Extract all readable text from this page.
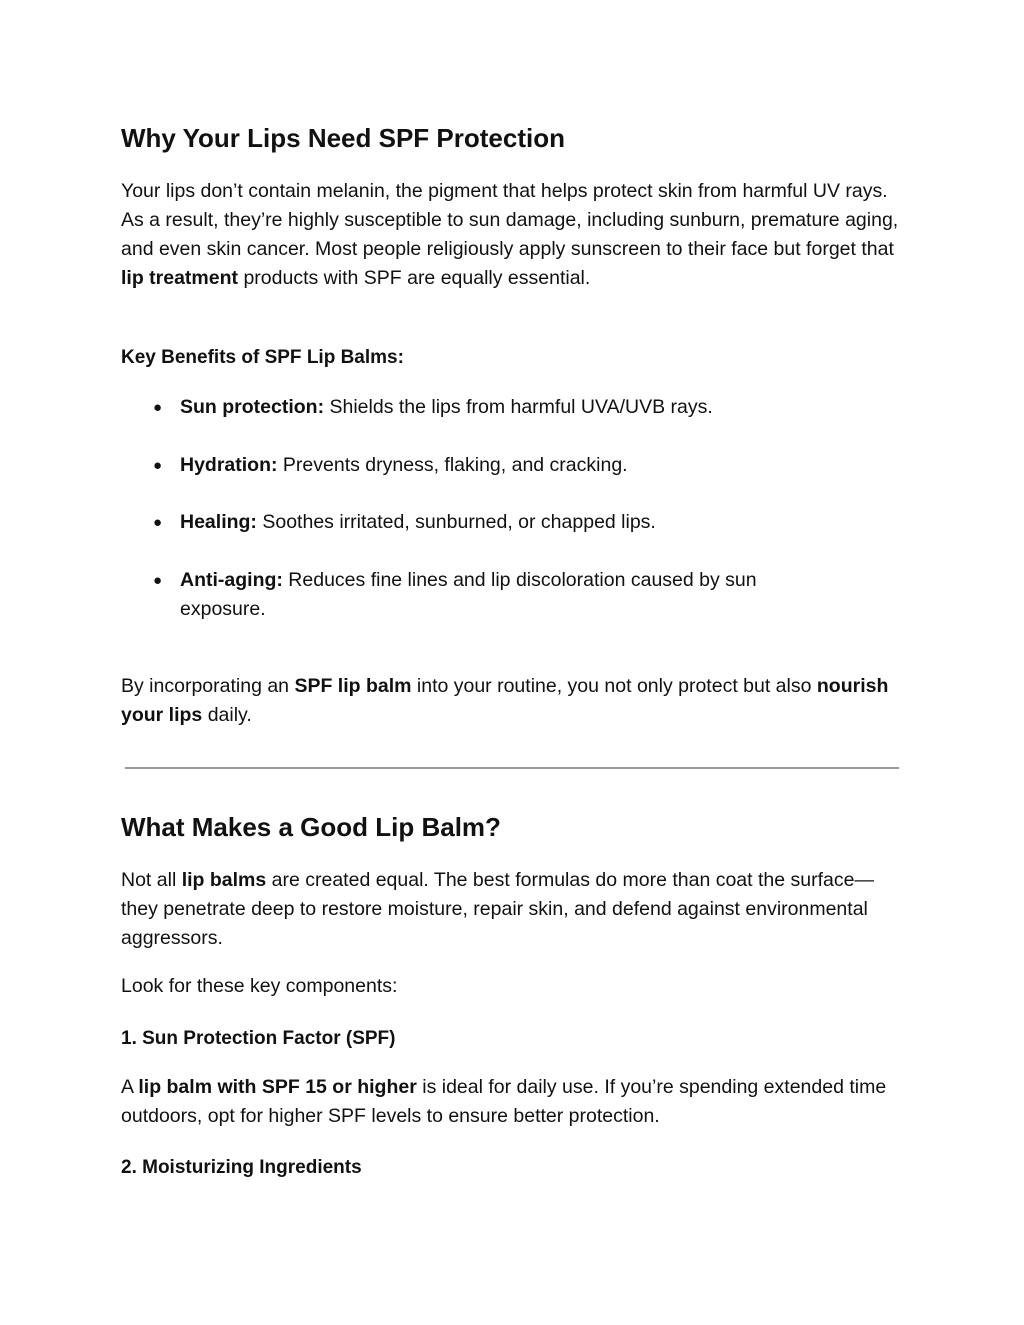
Why Your Lips Need SPF Protection

Your lips don’t contain melanin, the pigment that helps protect skin from harmful UV rays. As a result, they’re highly susceptible to sun damage, including sunburn, premature aging, and even skin cancer. Most people religiously apply sunscreen to their face but forget that lip treatment products with SPF are equally essential.

Key Benefits of SPF Lip Balms:
● Sun protection: Shields the lips from harmful UVA/UVB rays.
● Hydration: Prevents dryness, flaking, and cracking.
● Healing: Soothes irritated, sunburned, or chapped lips.
● Anti-aging: Reduces fine lines and lip discoloration caused by sun exposure.

By incorporating an SPF lip balm into your routine, you not only protect but also nourish your lips daily.

What Makes a Good Lip Balm?

Not all lip balms are created equal. The best formulas do more than coat the surface—they penetrate deep to restore moisture, repair skin, and defend against environmental aggressors.

Look for these key components:

1. Sun Protection Factor (SPF)

A lip balm with SPF 15 or higher is ideal for daily use. If you’re spending extended time outdoors, opt for higher SPF levels to ensure better protection.

2. Moisturizing Ingredients
